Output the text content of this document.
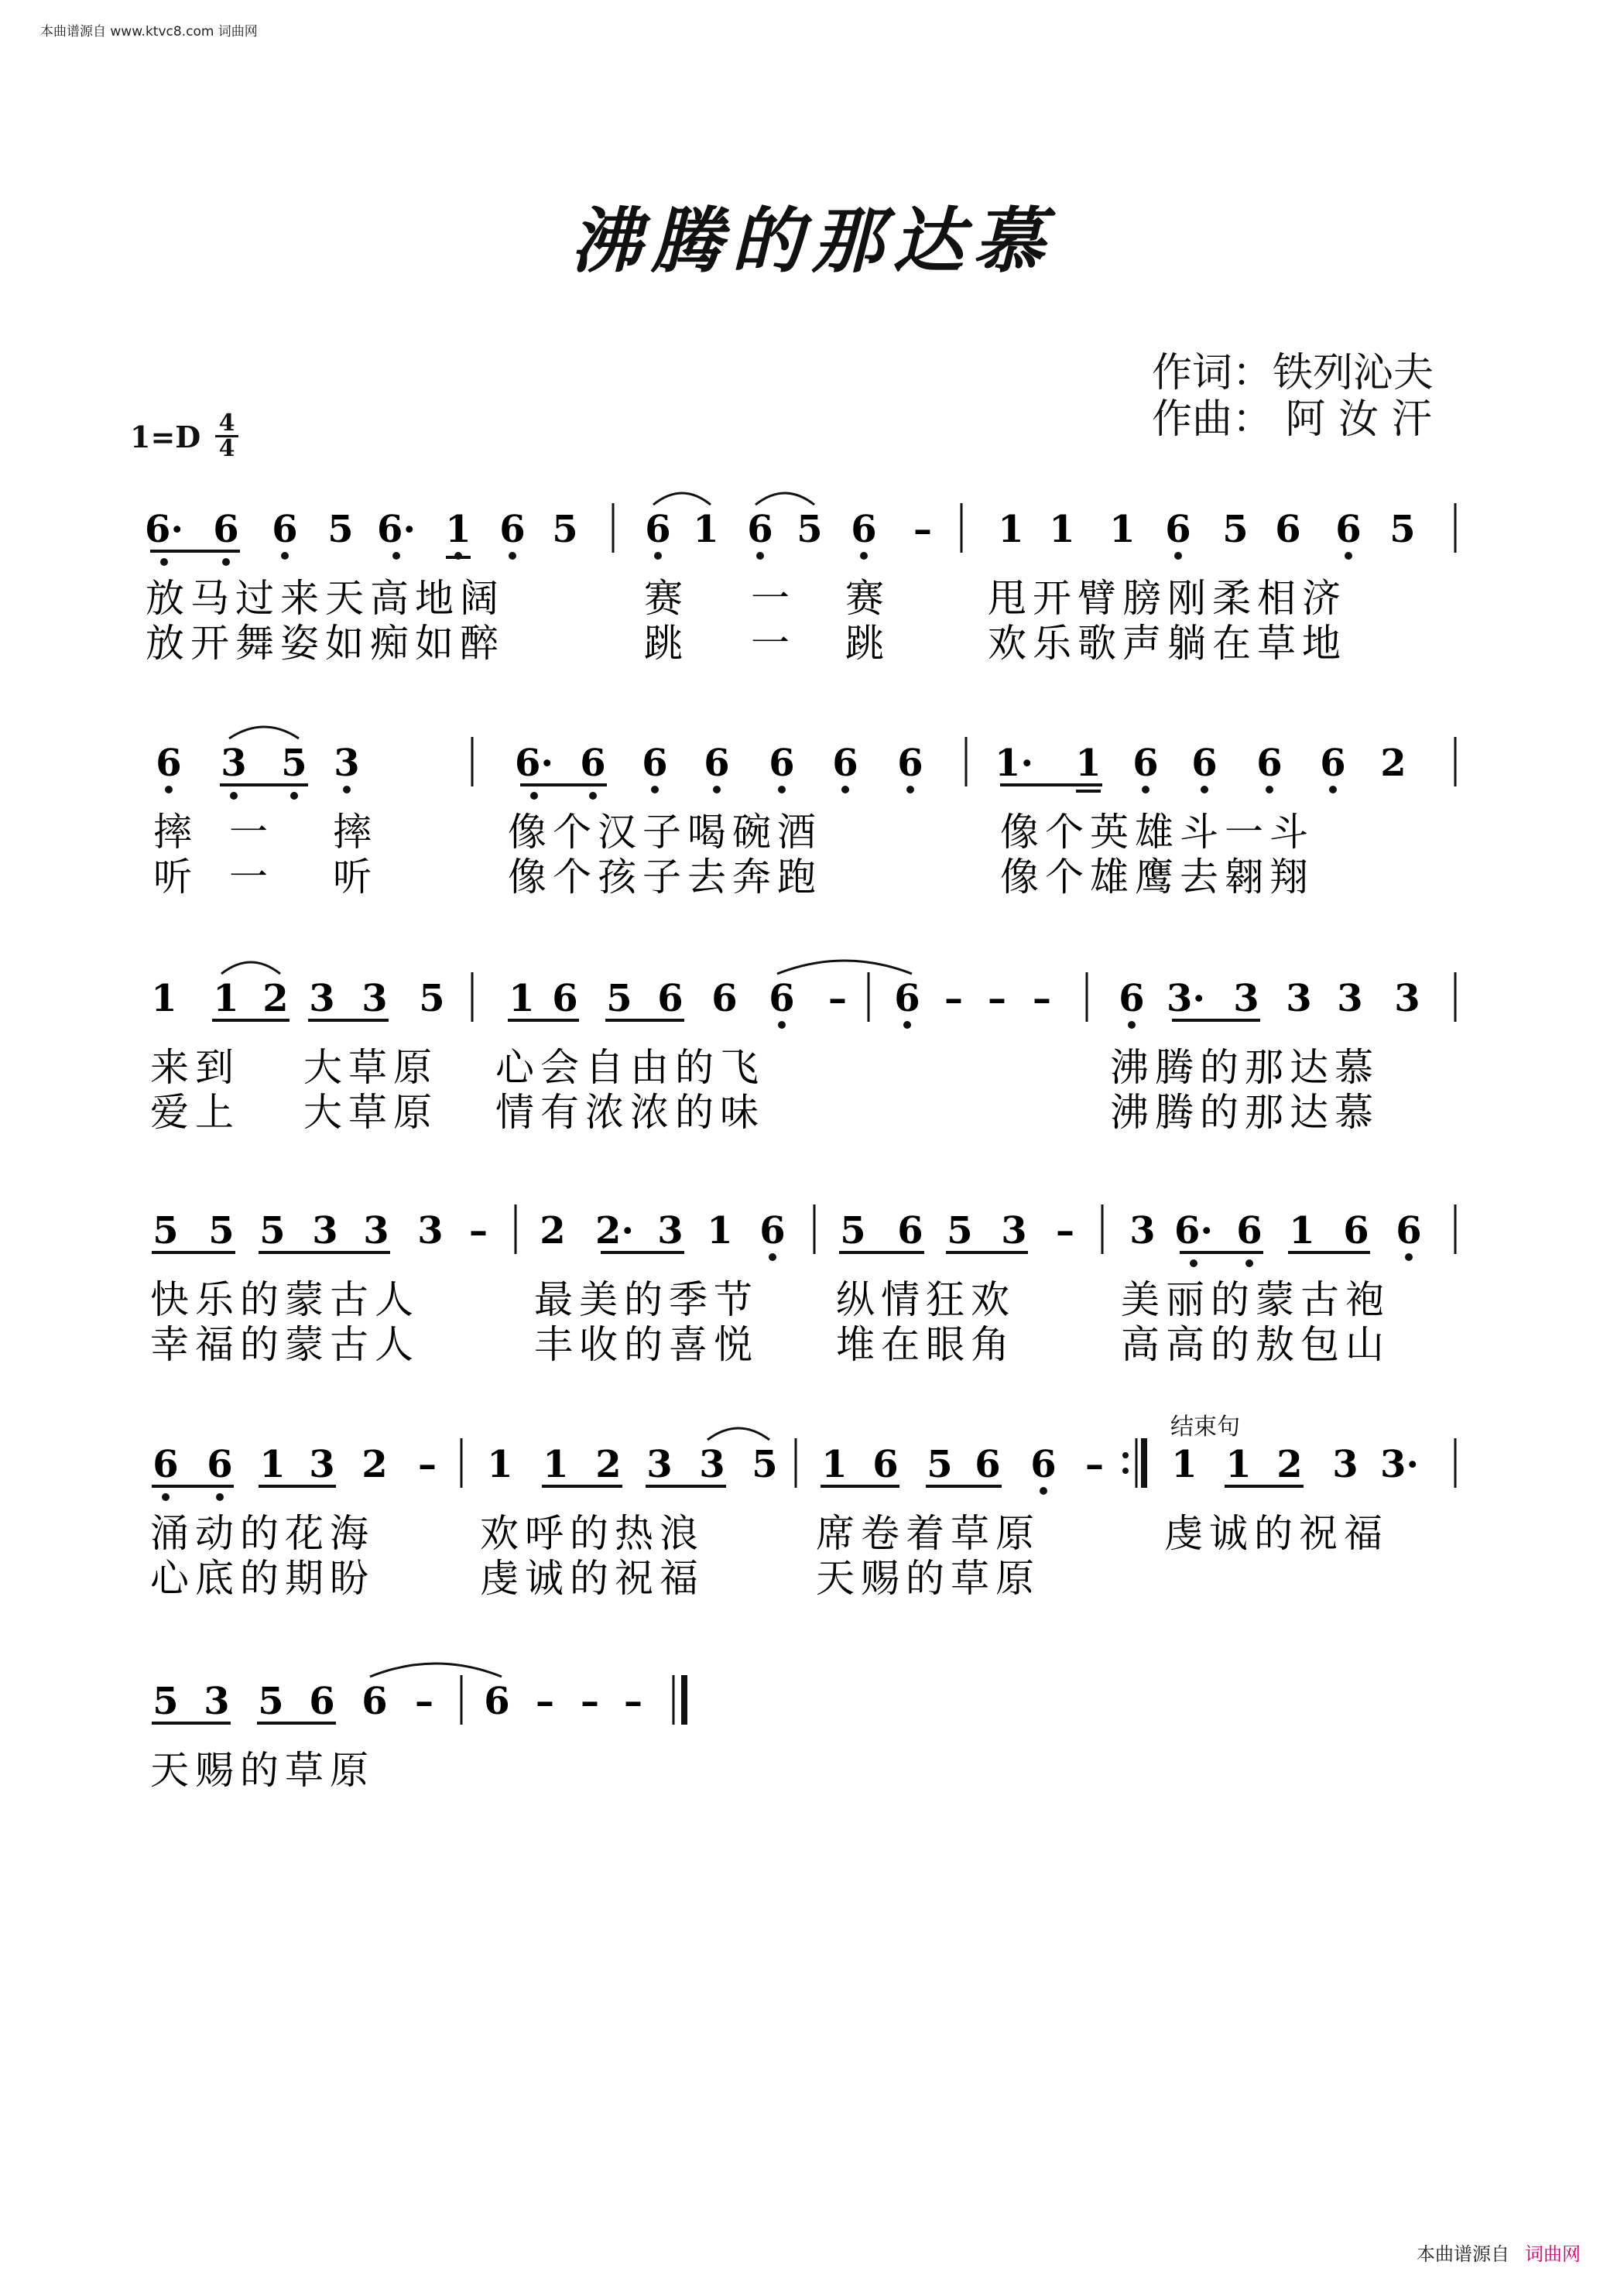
6· 6 6 5 6· 1 6 5 6 1 6 5 6 – 1 1 1 6 5 6 6 5
放马过来天高地阔	赛 一 赛	甩开臂膀刚柔相济
放开舞姿如痴如醉	跳 一 跳	欢乐歌声躺在草地
6 3 5 3	6· 6 6 6 6 6 6 1· 1 6 6 6 6 2
摔 一 摔	像个汉子喝碗酒	像个英雄斗一斗
听 一 听	像个孩子去奔跑	像个雄鹰去翱翔
1 1 2 3 3 5 1 6 5 6 6 6 – 6 – – – 6 3· 3 3 3 3
来到 大草原 心会自由的飞	沸腾的那达慕
爱上 大草原 情有浓浓的味	沸腾的那达慕
5 5 5 3 3 3 – 2 2· 3 1 6 5 6 5 3 – 3 6· 6 1 6 6
快乐的蒙古人	最美的季节 纵情狂欢	美丽的蒙古袍
幸福的蒙古人	丰收的喜悦 堆在眼角	高高的敖包山
6 6 1 3 2 – 1 1 2 3 3 5 1 6 5 6 6 – 1 1 2 3 3·
涌动的花海	欢呼的热浪	席卷着草原	虔诚的祝福
心底的期盼	虔诚的祝福	天赐的草原
5 3 5 6 6 – 6 – – –
天赐的草原
本曲谱源自 www.ktvc8.com 词曲网
沸腾的那达慕
作词：铁列沁夫
作曲： 阿 汝 汗
$1=D \frac{4}{4}$
结束句
本曲谱源自 词曲网
